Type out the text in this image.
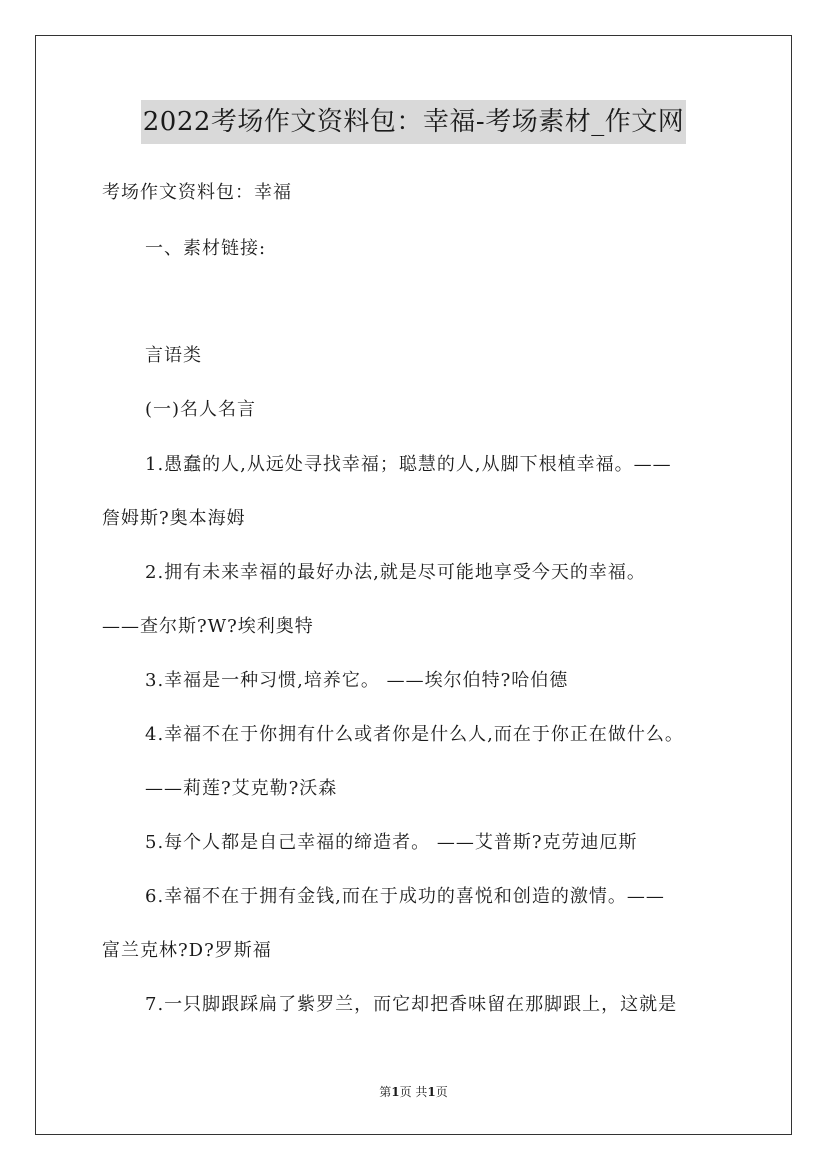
2022考场作文资料包：幸福-考场素材_作文网
考场作文资料包：幸福
一、素材链接:
言语类
(一)名人名言
1.愚蠢的人,从远处寻找幸福；聪慧的人,从脚下根植幸福。——
詹姆斯?奥本海姆
2.拥有未来幸福的最好办法,就是尽可能地享受今天的幸福。
——查尔斯?W?埃利奥特
3.幸福是一种习惯,培养它。 ——埃尔伯特?哈伯德
4.幸福不在于你拥有什么或者你是什么人,而在于你正在做什么。
——莉莲?艾克勒?沃森
5.每个人都是自己幸福的缔造者。 ——艾普斯?克劳迪厄斯
6.幸福不在于拥有金钱,而在于成功的喜悦和创造的激情。——
富兰克林?D?罗斯福
7.一只脚跟踩扁了紫罗兰，而它却把香味留在那脚跟上，这就是
第1页 共1页
